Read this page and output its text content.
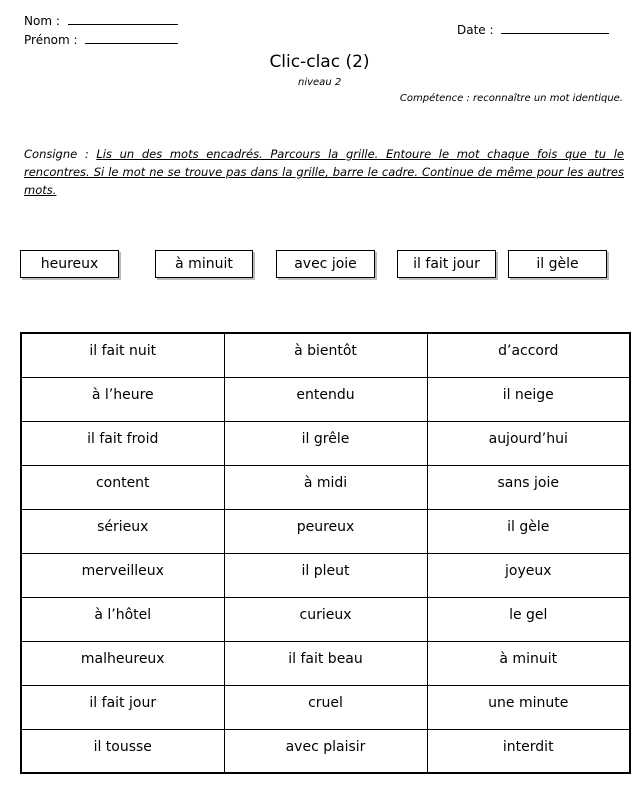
Nom :
Prénom :
Date :
Clic-clac (2)
niveau 2
Compétence : reconnaître un mot identique.
Consigne : Lis un des mots encadrés. Parcours la grille. Entoure le mot chaque fois que tu le rencontres. Si le mot ne se trouve pas dans la grille, barre le cadre. Continue de même pour les autres mots.
heureux	à minuit	avec joie	il fait jour	il gèle
il fait nuit	à bientôt	d’accord
à l’heure	entendu	il neige
il fait froid	il grêle	aujourd’hui
content	à midi	sans joie
sérieux	peureux	il gèle
merveilleux	il pleut	joyeux
à l’hôtel	curieux	le gel
malheureux	il fait beau	à minuit
il fait jour	cruel	une minute
il tousse	avec plaisir	interdit
